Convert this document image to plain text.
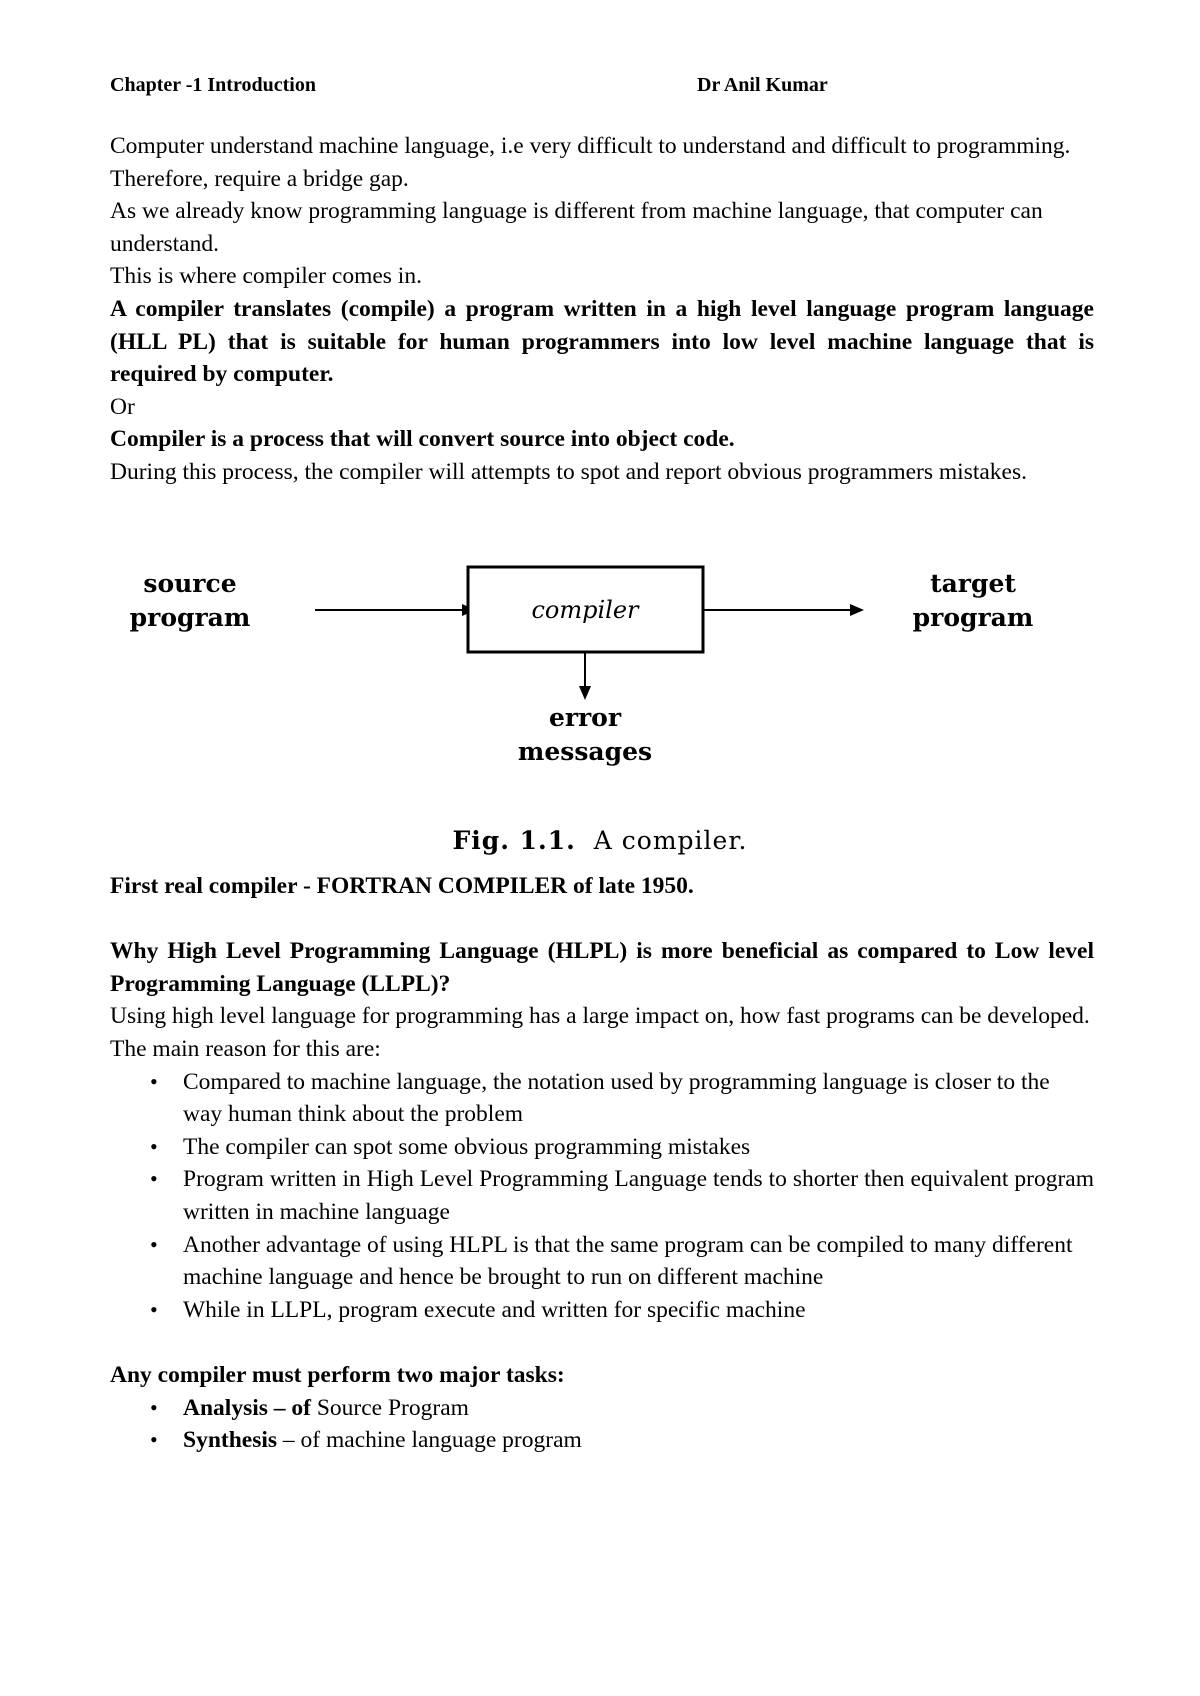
Chapter -1 Introduction	Dr Anil Kumar

Computer understand machine language, i.e very difficult to understand and difficult to programming. Therefore, require a bridge gap.

As we already know programming language is different from machine language, that computer can understand.

This is where compiler comes in.

A compiler translates (compile) a program written in a high level language program language (HLL PL) that is suitable for human programmers into low level machine language that is required by computer.

Or

Compiler is a process that will convert source into object code.

During this process, the compiler will attempts to spot and report obvious programmers mistakes.

source
program	compiler
target
program
error
messages
Fig. 1.1. A compiler.

First real compiler - FORTRAN COMPILER of late 1950.

Why High Level Programming Language (HLPL) is more beneficial as compared to Low level Programming Language (LLPL)?

Using high level language for programming has a large impact on, how fast programs can be developed. The main reason for this are:

• Compared to machine language, the notation used by programming language is closer to the way human think about the problem
• The compiler can spot some obvious programming mistakes
• Program written in High Level Programming Language tends to shorter then equivalent program written in machine language
• Another advantage of using HLPL is that the same program can be compiled to many different machine language and hence be brought to run on different machine
• While in LLPL, program execute and written for specific machine

Any compiler must perform two major tasks:

• Analysis – of Source Program
• Synthesis – of machine language program
